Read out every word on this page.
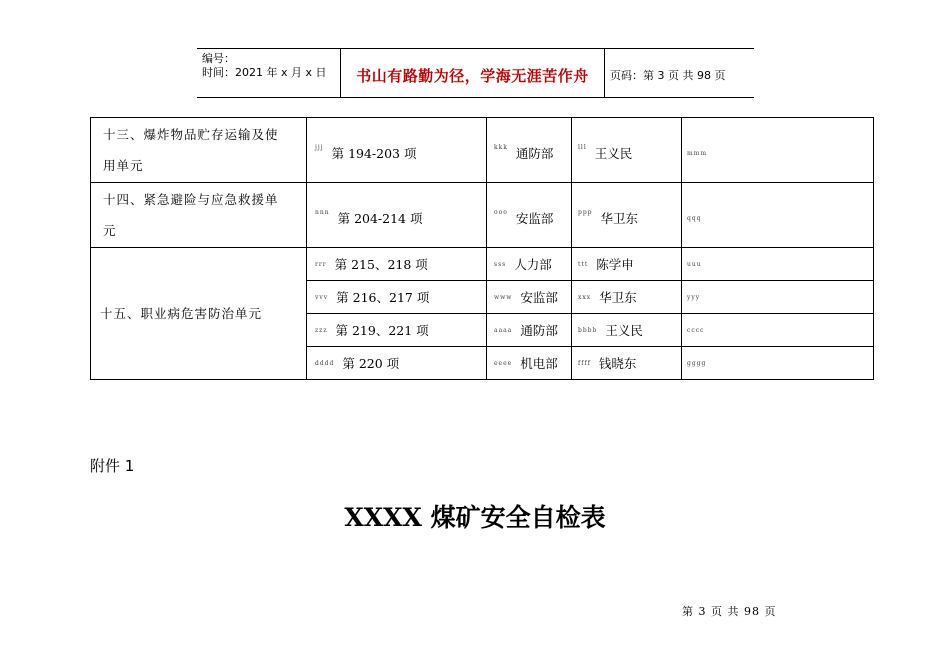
编号：
时间：2021 年 x 月 x 日	书山有路勤为径，学海无涯苦作舟	页码：第 3 页 共 98 页
十三、爆炸物品贮存运输及使
用单元	jjj 第 194-203 项	kkk 通防部	lll 王义民	mmm

十四、紧急避险与应急救援单
元	nnn 第 204-214 项	ooo 安监部	ppp 华卫东	qqq

十五、职业病危害防治单元	rrr 第 215、218 项	sss 人力部	ttt 陈学申	uuu

	vvv 第 216、217 项	www 安监部	xxx 华卫东	yyy

	zzz 第 219、221 项	aaaa 通防部	bbbb 王义民	cccc

	dddd 第 220 项	eeee 机电部	ffff 钱晓东	gggg
附件 1
XXXX 煤矿安全自检表
第 3 页 共 98 页
